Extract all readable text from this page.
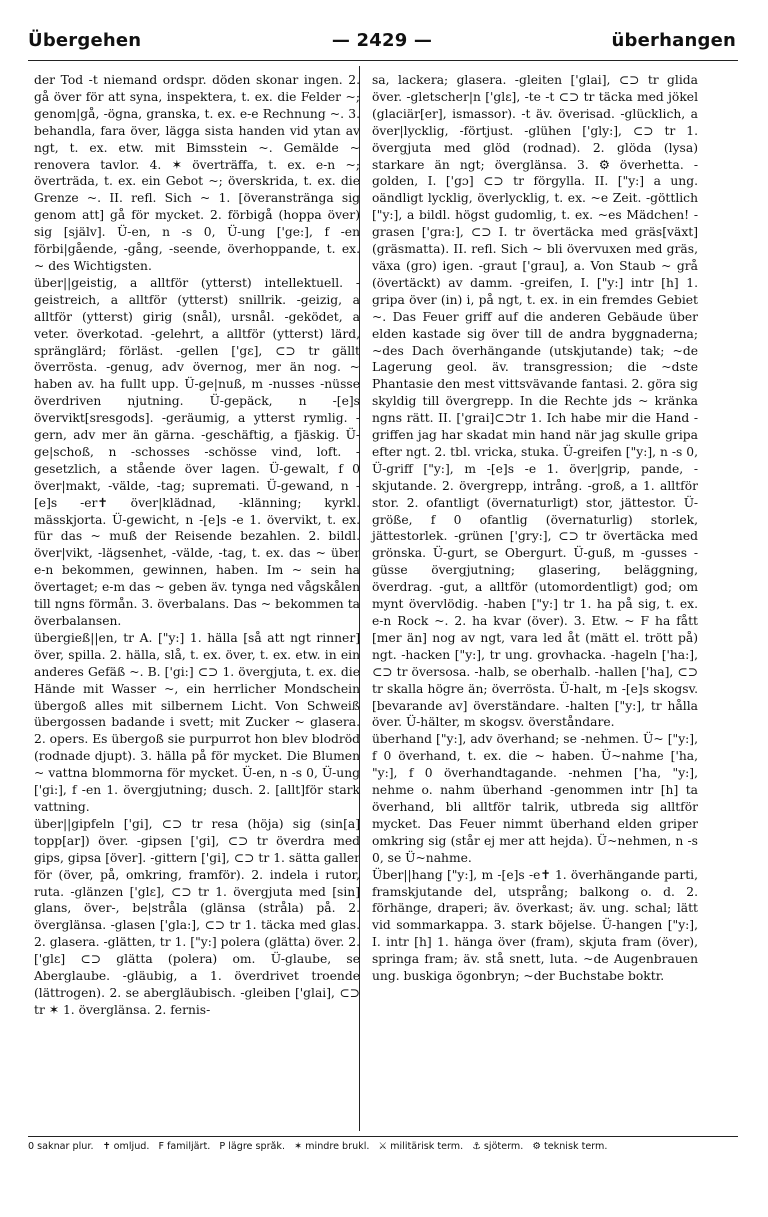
Übergehen	— 2429 —	überhangen

der Tod -t niemand ordspr. döden skonar ingen. 2. gå över för att syna, inspektera, t. ex. die Felder ~; genom|gå, -ögna, granska, t. ex. e-e Rechnung ~. 3. behandla, fara över, lägga sista handen vid ytan av ngt, t. ex. etw. mit Bimsstein ~. Gemälde ~ renovera tavlor. 4. ✶ överträffa, t. ex. e-n ~; överträda, t. ex. ein Gebot ~; överskrida, t. ex. die Grenze ~. II. refl. Sich ~ 1. [överanstränga sig genom att] gå för mycket. 2. förbigå (hoppa över) sig [själv]. Ü-en, n -s 0, Ü-ung ['ge:], f -en förbi|gående, -gång, -seende, överhoppande, t. ex. ~ des Wichtigsten.

über||geistig, a alltför (ytterst) intellektuell. -geistreich, a alltför (ytterst) snillrik. -geizig, a alltför (ytterst) girig (snål), ursnål. -geködet, a veter. överkotad. -gelehrt, a alltför (ytterst) lärd, spränglärd; förläst. -gellen ['gɛ], ⊂⊃ tr gällt överrösta. -genug, adv övernog, mer än nog. ~ haben av. ha fullt upp. Ü-ge|nuß, m -nusses -nüsse överdriven njutning. Ü-gepäck, n -[e]s övervikt[sresgods]. -geräumig, a ytterst rymlig. -gern, adv mer än gärna. -geschäftig, a fjäskig. Ü-ge|schoß, n -schosses -schösse vind, loft. -gesetzlich, a stående över lagen. Ü-gewalt, f 0 över|makt, -välde, -tag; supremati. Ü-gewand, n -[e]s -er✝ över|klädnad, -klänning; kyrkl. mässkjorta. Ü-gewicht, n -[e]s -e 1. övervikt, t. ex. für das ~ muß der Reisende bezahlen. 2. bildl. över|vikt, -lägsenhet, -välde, -tag, t. ex. das ~ über e-n bekommen, gewinnen, haben. Im ~ sein ha övertaget; e-m das ~ geben äv. tynga ned vågskålen till ngns förmån. 3. överbalans. Das ~ bekommen ta överbalansen.

übergieß||en, tr A. ["y:] 1. hälla [så att ngt rinner] över, spilla. 2. hälla, slå, t. ex. över, t. ex. etw. in ein anderes Gefäß ~. B. ['gi:] ⊂⊃ 1. övergjuta, t. ex. die Hände mit Wasser ~, ein herrlicher Mondschein übergoß alles mit silbernem Licht. Von Schweiß übergossen badande i svett; mit Zucker ~ glasera. 2. opers. Es übergoß sie purpurrot hon blev blodröd (rodnade djupt). 3. hälla på för mycket. Die Blumen ~ vattna blommorna för mycket. Ü-en, n -s 0, Ü-ung ['gi:], f -en 1. övergjutning; dusch. 2. [allt]för stark vattning.

über||gipfeln ['gi], ⊂⊃ tr resa (höja) sig (sin[a] topp[ar]) över. -gipsen ['gi], ⊂⊃ tr överdra med gips, gipsa [över]. -gittern ['gi], ⊂⊃ tr 1. sätta galler för (över, på, omkring, framför). 2. indela i rutor, ruta. -glänzen ['glɛ], ⊂⊃ tr 1. övergjuta med [sin] glans, över-, be|stråla (glänsa (stråla) på. 2. överglänsa. -glasen ['gla:], ⊂⊃ tr 1. täcka med glas. 2. glasera. -glätten, tr 1. ["y:] polera (glätta) över. 2. ['glɛ] ⊂⊃ glätta (polera) om. Ü-glaube, se Aberglaube. -gläubig, a 1. överdrivet troende (lättrogen). 2. se abergläubisch. -gleiben ['glai], ⊂⊃ tr ✶ 1. överglänsa. 2. fernis-

sa, lackera; glasera. -gleiten ['glai], ⊂⊃ tr glida över. -gletscher|n ['glɛ], -te -t ⊂⊃ tr täcka med jökel (glaciär[er], ismassor). -t äv. överisad. -glücklich, a över|lycklig, -förtjust. -glühen ['gly:], ⊂⊃ tr 1. övergjuta med glöd (rodnad). 2. glöda (lysa) starkare än ngt; överglänsa. 3. ⚙ överhetta. -golden, I. ['gɔ] ⊂⊃ tr förgylla. II. ["y:] a ung. oändligt lycklig, överlycklig, t. ex. ~e Zeit. -göttlich ["y:], a bildl. högst gudomlig, t. ex. ~es Mädchen! -grasen ['gra:], ⊂⊃ I. tr övertäcka med gräs[växt] (gräsmatta). II. refl. Sich ~ bli övervuxen med gräs, växa (gro) igen. -graut ['grau], a. Von Staub ~ grå (övertäckt) av damm. -greifen, I. ["y:] intr [h] 1. gripa över (in) i, på ngt, t. ex. in ein fremdes Gebiet ~. Das Feuer griff auf die anderen Gebäude über elden kastade sig över till de andra byggnaderna; ~des Dach överhängande (utskjutande) tak; ~de Lagerung geol. äv. transgression; die ~dste Phantasie den mest vittsvävande fantasi. 2. göra sig skyldig till övergrepp. In die Rechte jds ~ kränka ngns rätt. II. ['grai]⊂⊃tr 1. Ich habe mir die Hand -griffen jag har skadat min hand när jag skulle gripa efter ngt. 2. tbl. vricka, stuka. Ü-greifen ["y:], n -s 0, Ü-griff ["y:], m -[e]s -e 1. över|grip, pande, -skjutande. 2. övergrepp, intrång. -groß, a 1. alltför stor. 2. ofantligt (övernaturligt) stor, jättestor. Ü-größe, f 0 ofantlig (övernaturlig) storlek, jättestorlek. -grünen ['gry:], ⊂⊃ tr övertäcka med grönska. Ü-gurt, se Obergurt. Ü-guß, m -gusses -güsse övergjutning; glasering, beläggning, överdrag. -gut, a alltför (utomordentligt) god; om mynt övervlödig. -haben ["y:] tr 1. ha på sig, t. ex. e-n Rock ~. 2. ha kvar (över). 3. Etw. ~ F ha fått [mer än] nog av ngt, vara led åt (mätt el. trött på) ngt. -hacken ["y:], tr ung. grovhacka. -hageln ['ha:], ⊂⊃ tr översosa. -halb, se oberhalb. -hallen ['ha], ⊂⊃ tr skalla högre än; överrösta. Ü-halt, m -[e]s skogsv. [bevarande av] överständare. -halten ["y:], tr hålla över. Ü-hälter, m skogsv. överståndare.

überhand ["y:], adv överhand; se -nehmen. Ü~ ["y:], f 0 överhand, t. ex. die ~ haben. Ü~nahme ['ha, "y:], f 0 överhandtagande. -nehmen ['ha, "y:], nehme o. nahm überhand -genommen intr [h] ta överhand, bli alltför talrik, utbreda sig alltför mycket. Das Feuer nimmt überhand elden griper omkring sig (står ej mer att hejda). Ü~nehmen, n -s 0, se Ü~nahme.

Über||hang ["y:], m -[e]s -e✝ 1. överhängande parti, framskjutande del, utsprång; balkong o. d. 2. förhänge, draperi; äv. överkast; äv. ung. schal; lätt vid sommarkappa. 3. stark böjelse. Ü-hangen ["y:], I. intr [h] 1. hänga över (fram), skjuta fram (över), springa fram; äv. stå snett, luta. ~de Augenbrauen ung. buskiga ögonbryn; ~der Buchstabe boktr.

0 saknar plur. ✝ omljud. F familjärt. P lägre språk. ✶ mindre brukl. ⚔ militärisk term. ⚓ sjöterm. ⚙ teknisk term.
